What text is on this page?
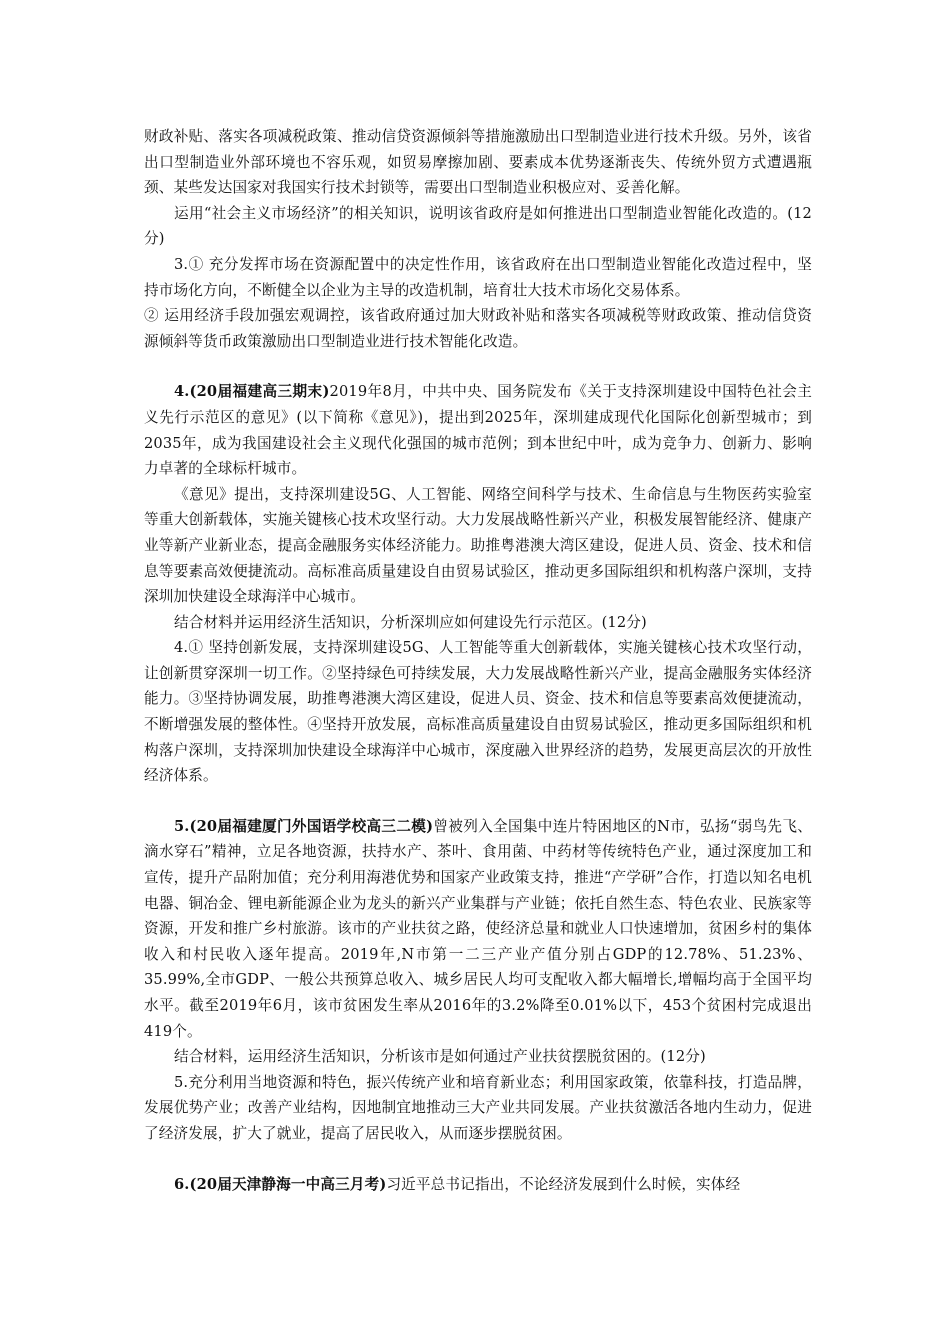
财政补贴、落实各项减税政策、推动信贷资源倾斜等措施激励出口型制造业进行技术升级。另外，该省出口型制造业外部环境也不容乐观，如贸易摩擦加剧、要素成本优势逐渐丧失、传统外贸方式遭遇瓶颈、某些发达国家对我国实行技术封锁等，需要出口型制造业积极应对、妥善化解。

运用“社会主义市场经济”的相关知识，说明该省政府是如何推进出口型制造业智能化改造的。(12分)

3.① 充分发挥市场在资源配置中的决定性作用，该省政府在出口型制造业智能化改造过程中，坚持市场化方向，不断健全以企业为主导的改造机制，培育壮大技术市场化交易体系。

② 运用经济手段加强宏观调控，该省政府通过加大财政补贴和落实各项减税等财政政策、推动信贷资源倾斜等货币政策激励出口型制造业进行技术智能化改造。

4.(20届福建高三期末)2019年8月，中共中央、国务院发布《关于支持深圳建设中国特色社会主义先行示范区的意见》(以下简称《意见》)，提出到2025年，深圳建成现代化国际化创新型城市；到2035年，成为我国建设社会主义现代化强国的城市范例；到本世纪中叶，成为竞争力、创新力、影响力卓著的全球标杆城市。

《意见》提出，支持深圳建设5G、人工智能、网络空间科学与技术、生命信息与生物医药实验室等重大创新载体，实施关键核心技术攻坚行动。大力发展战略性新兴产业，积极发展智能经济、健康产业等新产业新业态，提高金融服务实体经济能力。助推粤港澳大湾区建设，促进人员、资金、技术和信息等要素高效便捷流动。高标准高质量建设自由贸易试验区，推动更多国际组织和机构落户深圳，支持深圳加快建设全球海洋中心城市。

结合材料并运用经济生活知识，分析深圳应如何建设先行示范区。(12分)

4.① 坚持创新发展，支持深圳建设5G、人工智能等重大创新载体，实施关键核心技术攻坚行动，让创新贯穿深圳一切工作。②坚持绿色可持续发展，大力发展战略性新兴产业，提高金融服务实体经济能力。③坚持协调发展，助推粤港澳大湾区建设，促进人员、资金、技术和信息等要素高效便捷流动，不断增强发展的整体性。④坚持开放发展，高标准高质量建设自由贸易试验区，推动更多国际组织和机构落户深圳，支持深圳加快建设全球海洋中心城市，深度融入世界经济的趋势，发展更高层次的开放性经济体系。

5.(20届福建厦门外国语学校高三二模)曾被列入全国集中连片特困地区的N市，弘扬“弱鸟先飞、滴水穿石”精神，立足各地资源，扶持水产、茶叶、食用菌、中药材等传统特色产业，通过深度加工和宣传，提升产品附加值；充分利用海港优势和国家产业政策支持，推进“产学研”合作，打造以知名电机电器、铜冶金、锂电新能源企业为龙头的新兴产业集群与产业链；依托自然生态、特色农业、民族家等资源，开发和推广乡村旅游。该市的产业扶贫之路，使经济总量和就业人口快速增加，贫困乡村的集体收入和村民收入逐年提高。2019年,N市第一二三产业产值分别占GDP的12.78%、51.23%、35.99%,全市GDP、一般公共预算总收入、城乡居民人均可支配收入都大幅增长,增幅均高于全国平均水平。截至2019年6月，该市贫困发生率从2016年的3.2%降至0.01%以下，453个贫困村完成退出419个。

结合材料，运用经济生活知识，分析该市是如何通过产业扶贫摆脱贫困的。(12分)

5.充分利用当地资源和特色，振兴传统产业和培育新业态；利用国家政策，依靠科技，打造品牌，发展优势产业；改善产业结构，因地制宜地推动三大产业共同发展。产业扶贫激活各地内生动力，促进了经济发展，扩大了就业，提高了居民收入，从而逐步摆脱贫困。

6.(20届天津静海一中高三月考)习近平总书记指出，不论经济发展到什么时候，实体经
